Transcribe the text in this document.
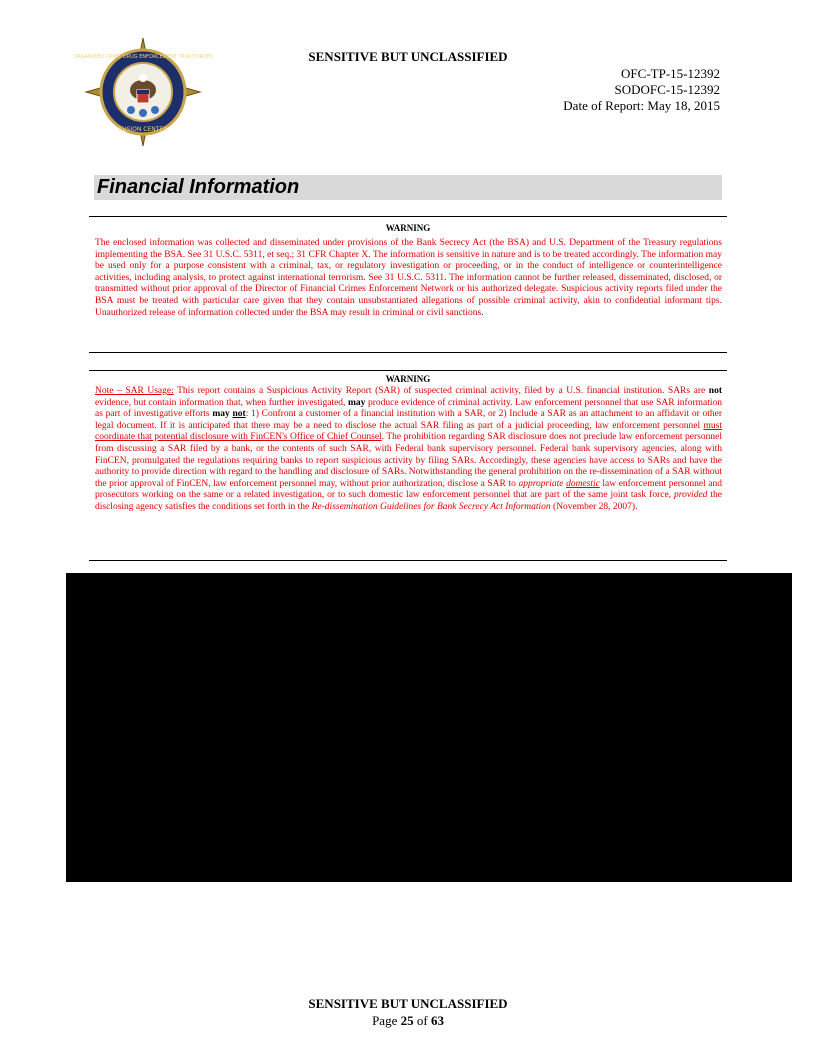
SENSITIVE BUT UNCLASSIFIED
ORGANIZED CRIME DRUG ENFORCEMENT TASK FORCES
FUSION CENTER
OFC-TP-15-12392
SODOFC-15-12392
Date of Report: May 18, 2015
Financial Information
WARNING
The enclosed information was collected and disseminated under provisions of the Bank Secrecy Act (the BSA) and U.S. Department of the Treasury regulations implementing the BSA. See 31 U.S.C. 5311, et seq.; 31 CFR Chapter X. The information is sensitive in nature and is to be treated accordingly. The information may be used only for a purpose consistent with a criminal, tax, or regulatory investigation or proceeding, or in the conduct of intelligence or counterintelligence activities, including analysis, to protect against international terrorism. See 31 U.S.C. 5311. The information cannot be further released, disseminated, disclosed, or transmitted without prior approval of the Director of Financial Crimes Enforcement Network or his authorized delegate. Suspicious activity reports filed under the BSA must be treated with particular care given that they contain unsubstantiated allegations of possible criminal activity, akin to confidential informant tips. Unauthorized release of information collected under the BSA may result in criminal or civil sanctions.
WARNING
Note – SAR Usage: This report contains a Suspicious Activity Report (SAR) of suspected criminal activity, filed by a U.S. financial institution. SARs are not evidence, but contain information that, when further investigated, may produce evidence of criminal activity. Law enforcement personnel that use SAR information as part of investigative efforts may not: 1) Confront a customer of a financial institution with a SAR, or 2) Include a SAR as an attachment to an affidavit or other legal document. If it is anticipated that there may be a need to disclose the actual SAR filing as part of a judicial proceeding, law enforcement personnel must coordinate that potential disclosure with FinCEN's Office of Chief Counsel. The prohibition regarding SAR disclosure does not preclude law enforcement personnel from discussing a SAR filed by a bank, or the contents of such SAR, with Federal bank supervisory personnel. Federal bank supervisory agencies, along with FinCEN, promulgated the regulations requiring banks to report suspicious activity by filing SARs. Accordingly, these agencies have access to SARs and have the authority to provide direction with regard to the handling and disclosure of SARs. Notwithstanding the general prohibition on the re-dissemination of a SAR without the prior approval of FinCEN, law enforcement personnel may, without prior authorization, disclose a SAR to appropriate domestic law enforcement personnel and prosecutors working on the same or a related investigation, or to such domestic law enforcement personnel that are part of the same joint task force, provided the disclosing agency satisfies the conditions set forth in the Re-dissemination Guidelines for Bank Secrecy Act Information (November 28, 2007).
SENSITIVE BUT UNCLASSIFIED
Page 25 of 63
